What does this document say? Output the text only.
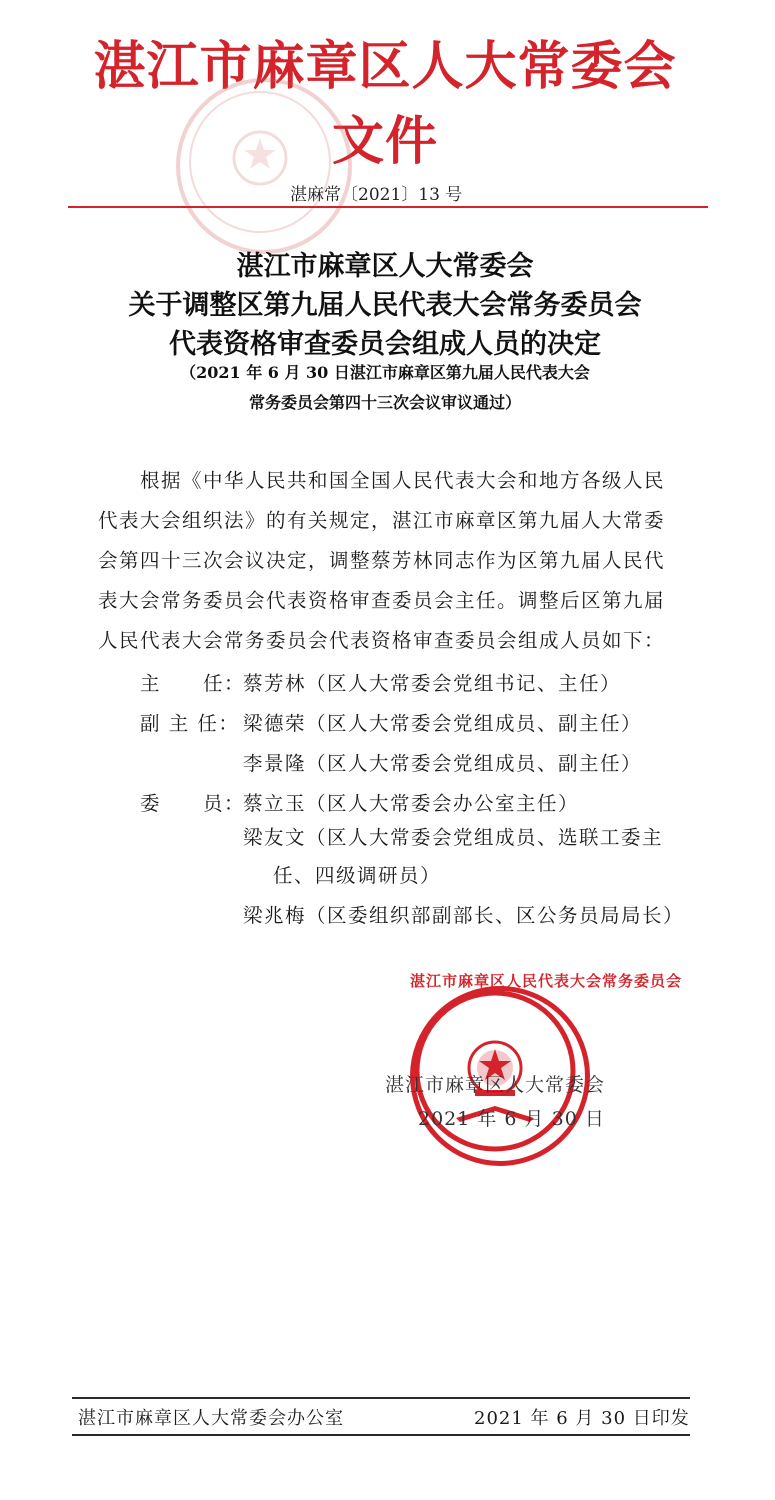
湛江市麻章区人大常委会文件
湛麻常〔2021〕13 号
湛江市麻章区人大常委会
关于调整区第九届人民代表大会常务委员会
代表资格审查委员会组成人员的决定
（2021 年 6 月 30 日湛江市麻章区第九届人民代表大会
常务委员会第四十三次会议审议通过）
　　根据《中华人民共和国全国人民代表大会和地方各级人民
代表大会组织法》的有关规定，湛江市麻章区第九届人大常委
会第四十三次会议决定，调整蔡芳林同志作为区第九届人民代
表大会常务委员会代表资格审查委员会主任。调整后区第九届
人民代表大会常务委员会代表资格审查委员会组成人员如下：
主　　任：
蔡芳林（区人大常委会党组书记、主任）
副 主 任： 梁德荣（区人大常委会党组成员、副主任）
李景隆（区人大常委会党组成员、副主任）
委　　员：
蔡立玉（区人大常委会办公室主任）
梁友文（区人大常委会党组成员、选联工委主
任、四级调研员）
梁兆梅（区委组织部副部长、区公务员局局长）
湛江市麻章区人民代表大会常务委员会
湛江市麻章区人大常委会
2021 年 6 月 30 日
湛江市麻章区人大常委会办公室	2021 年 6 月 30 日印发
